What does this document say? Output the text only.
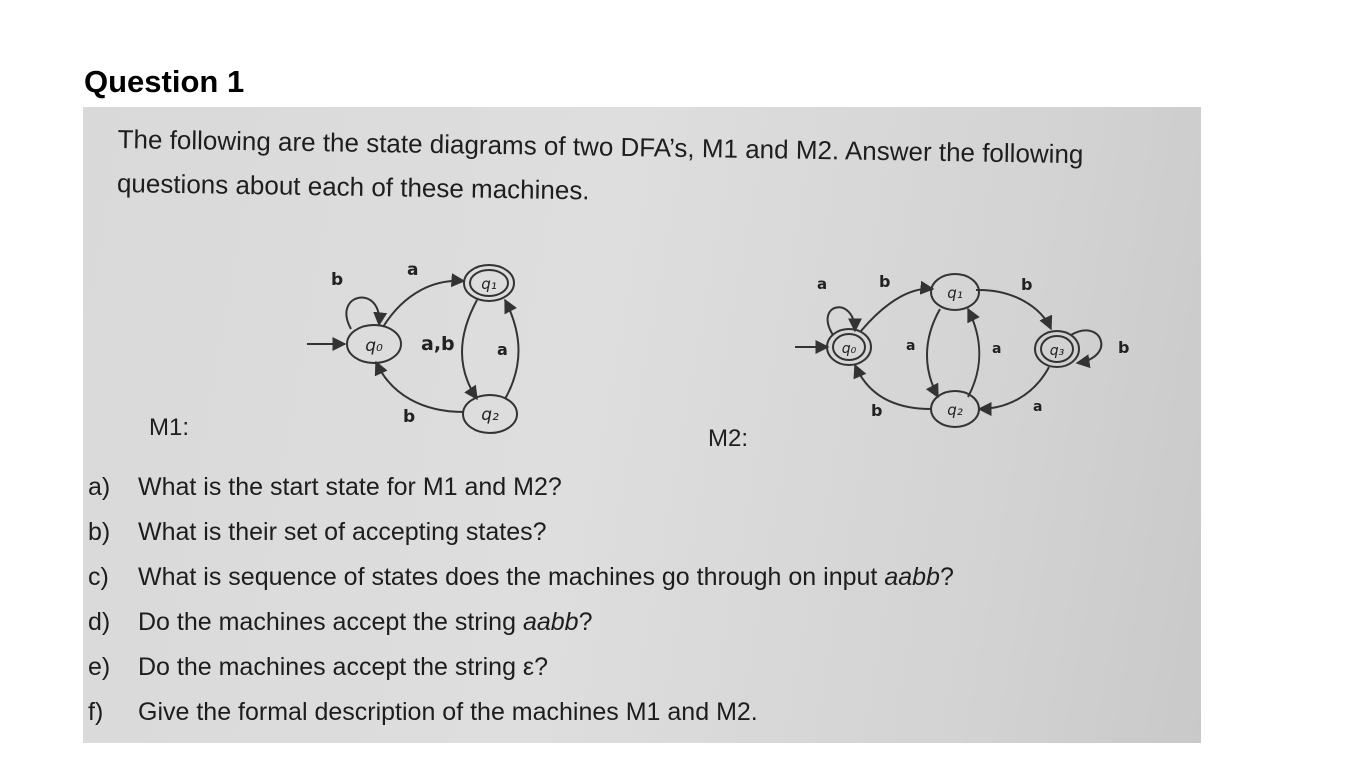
Question 1

The following are the state diagrams of two DFA’s, M1 and M2. Answer the following

questions about each of these machines.

q₀
q₁
q₂
b	a
a,b	a
b
q₀
q₁
q₂
q₃
a	b
a	a
b
b
a
b
M1:	M2:
a) What is the start state for M1 and M2?
b) What is their set of accepting states?
c) What is sequence of states does the machines go through on input aabb?
d) Do the machines accept the string aabb?
e) Do the machines accept the string ε?
f) Give the formal description of the machines M1 and M2.
